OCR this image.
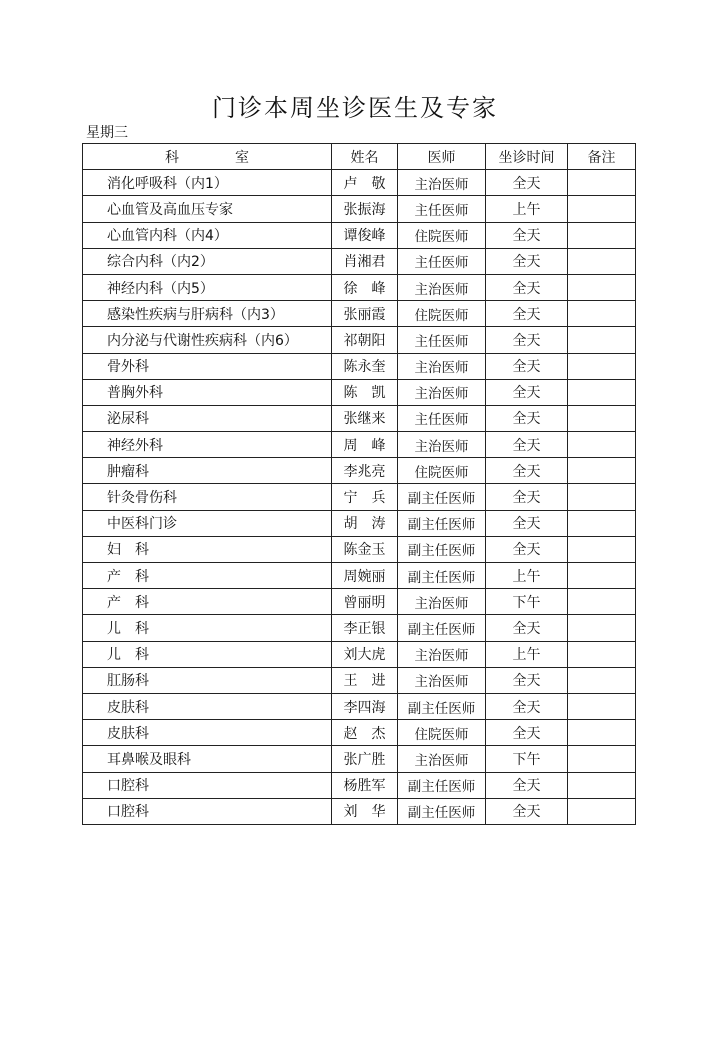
门诊本周坐诊医生及专家
星期三
科 室	姓名	医师	坐诊时间	备注
消化呼吸科（内1）	卢　敬	主治医师	全天	
心血管及高血压专家	张振海	主任医师	上午	
心血管内科（内4）	谭俊峰	住院医师	全天	
综合内科（内2）	肖湘君	主任医师	全天	
神经内科（内5）	徐　峰	主治医师	全天	
感染性疾病与肝病科（内3）	张丽霞	住院医师	全天	
内分泌与代谢性疾病科（内6）	祁朝阳	主任医师	全天	
骨外科	陈永奎	主治医师	全天	
普胸外科	陈　凯	主治医师	全天	
泌尿科	张继来	主任医师	全天	
神经外科	周　峰	主治医师	全天	
肿瘤科	李兆亮	住院医师	全天	
针灸骨伤科	宁　兵	副主任医师	全天	
中医科门诊	胡　涛	副主任医师	全天	
妇　科	陈金玉	副主任医师	全天	
产　科	周婉丽	副主任医师	上午	
产　科	曾丽明	主治医师	下午	
儿　科	李正银	副主任医师	全天	
儿　科	刘大虎	主治医师	上午	
肛肠科	王　进	主治医师	全天	
皮肤科	李四海	副主任医师	全天	
皮肤科	赵　杰	住院医师	全天	
耳鼻喉及眼科	张广胜	主治医师	下午	
口腔科	杨胜军	副主任医师	全天	
口腔科	刘　华	副主任医师	全天	
